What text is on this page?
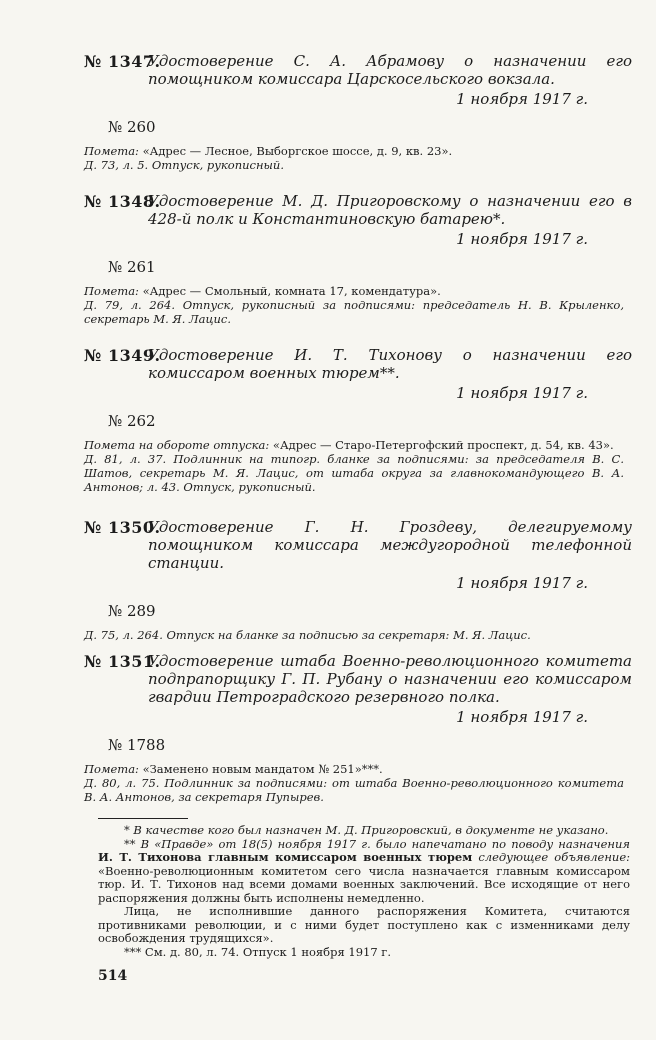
№ 1347.
Удостоверение С. А. Абрамову о назначении его помощником комиссара Царскосельского вокзала.
1 ноября 1917 г.
№ 260
Помета: «Адрес — Лесное, Выборгское шоссе, д. 9, кв. 23».
Д. 73, л. 5. Отпуск, рукописный.
№ 1348.
Удостоверение М. Д. Пригоровскому о назначении его в 428-й полк и Константиновскую батарею*.
1 ноября 1917 г.
№ 261
Помета: «Адрес — Смольный, комната 17, комендатура».
Д. 79, л. 264. Отпуск, рукописный за подписями: председатель Н. В. Крыленко, секретарь М. Я. Лацис.
№ 1349.
Удостоверение И. Т. Тихонову о назначении его комиссаром военных тюрем**.
1 ноября 1917 г.
№ 262
Помета на обороте отпуска: «Адрес — Старо-Петергофский проспект, д. 54, кв. 43».
Д. 81, л. 37. Подлинник на типогр. бланке за подписями: за председателя В. С. Шатов, секретарь М. Я. Лацис, от штаба округа за главнокомандующего В. А. Антонов; л. 43. Отпуск, рукописный.
№ 1350.
Удостоверение Г. Н. Гроздеву, делегируемому помощником комиссара междугородной телефонной станции.
1 ноября 1917 г.
№ 289
Д. 75, л. 264. Отпуск на бланке за подписью за секретаря: М. Я. Лацис.
№ 1351.
Удостоверение штаба Военно-революционного комитета подпрапорщику Г. П. Рубану о назначении его комиссаром гвардии Петроградского резервного полка.
1 ноября 1917 г.
№ 1788
Помета: «Заменено новым мандатом № 251»***.
Д. 80, л. 75. Подлинник за подписями: от штаба Военно-революционного комитета В. А. Антонов, за секретаря Пупырев.

* В качестве кого был назначен М. Д. Пригоровский, в документе не указано.

** В «Правде» от 18(5) ноября 1917 г. было напечатано по поводу назначения И. Т. Тихонова главным комиссаром военных тюрем следующее объявление: «Военно-революционным комитетом сего числа назначается главным комиссаром тюр. И. Т. Тихонов над всеми домами военных заключений. Все исходящие от него распоряжения должны быть исполнены немедленно.

Лица, не исполнившие данного распоряжения Комитета, считаются противниками революции, и с ними будет поступлено как с изменниками делу освобождения трудящихся».

*** См. д. 80, л. 74. Отпуск 1 ноября 1917 г.

514
